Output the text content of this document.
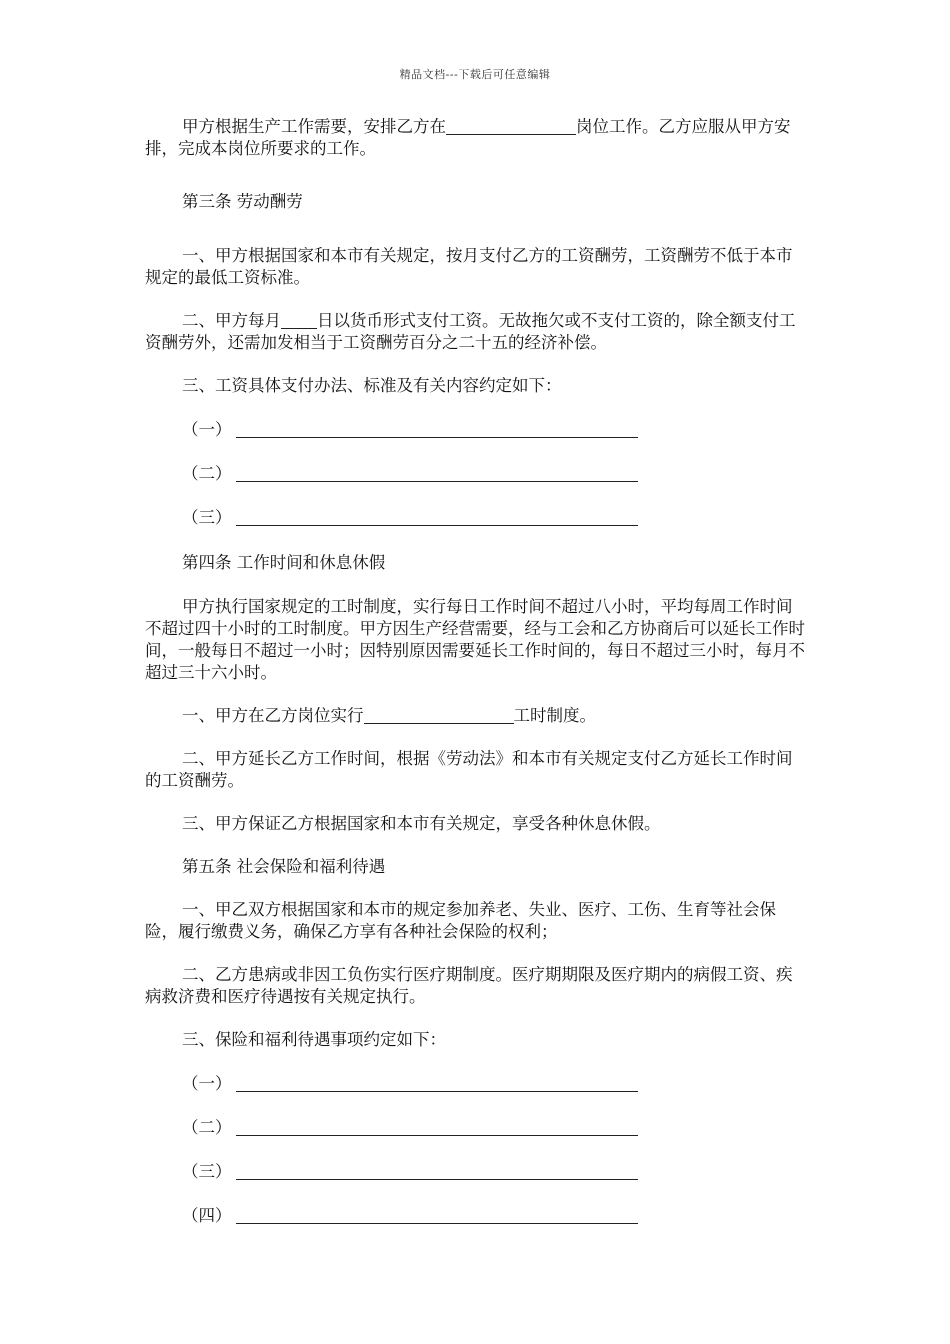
精品文档---下载后可任意编辑

甲方根据生产工作需要，安排乙方在	岗位工作。乙方应服从甲方安排，完成本岗位所要求的工作。

第三条 劳动酬劳

一、甲方根据国家和本市有关规定，按月支付乙方的工资酬劳，工资酬劳不低于本市规定的最低工资标准。

二、甲方每月 日以货币形式支付工资。无故拖欠或不支付工资的，除全额支付工资酬劳外，还需加发相当于工资酬劳百分之二十五的经济补偿。

三、工资具体支付办法、标准及有关内容约定如下：

（一）

（二）

（三）

第四条 工作时间和休息休假

甲方执行国家规定的工时制度，实行每日工作时间不超过八小时，平均每周工作时间不超过四十小时的工时制度。甲方因生产经营需要，经与工会和乙方协商后可以延长工作时间，一般每日不超过一小时；因特别原因需要延长工作时间的，每日不超过三小时，每月不超过三十六小时。

一、甲方在乙方岗位实行	工时制度。

二、甲方延长乙方工作时间，根据《劳动法》和本市有关规定支付乙方延长工作时间的工资酬劳。

三、甲方保证乙方根据国家和本市有关规定，享受各种休息休假。

第五条 社会保险和福利待遇

一、甲乙双方根据国家和本市的规定参加养老、失业、医疗、工伤、生育等社会保险，履行缴费义务，确保乙方享有各种社会保险的权利；

二、乙方患病或非因工负伤实行医疗期制度。医疗期期限及医疗期内的病假工资、疾病救济费和医疗待遇按有关规定执行。

三、保险和福利待遇事项约定如下：

（一）

（二）

（三）

（四）
